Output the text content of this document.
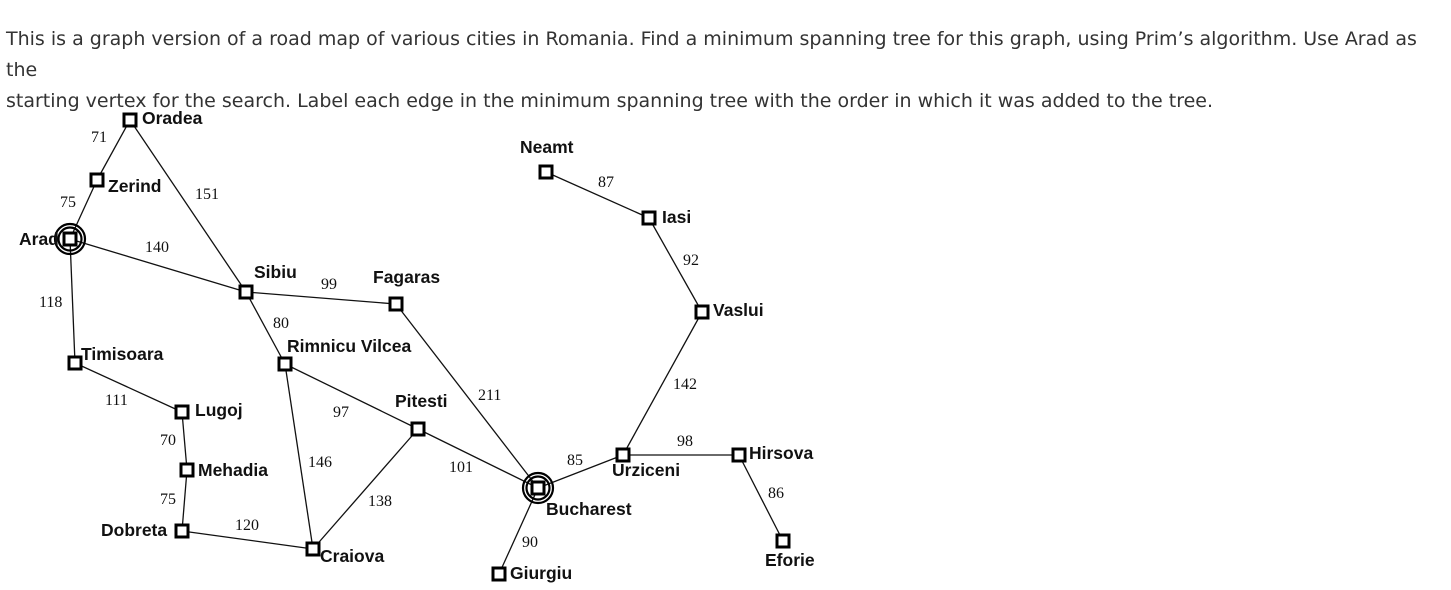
This is a graph version of a road map of various cities in Romania. Find a minimum spanning tree for this graph, using Prim’s algorithm. Use Arad as the
starting vertex for the search. Label each edge in the minimum spanning tree with the order in which it was added to the tree.

71
75	151
140
118
99
80
111
70
75
120
146
97
138
101
211
90
85
98
86
142
92
87
Oradea
Zerind
Arad
Sibiu	Fagaras
Timisoara	Rimnicu Vilcea
Lugoj
Mehadia
Dobreta
Craiova
Pitesti
Bucharest
Giurgiu
Urziceni
Hirsova
Eforie
Vaslui
Iasi
Neamt
